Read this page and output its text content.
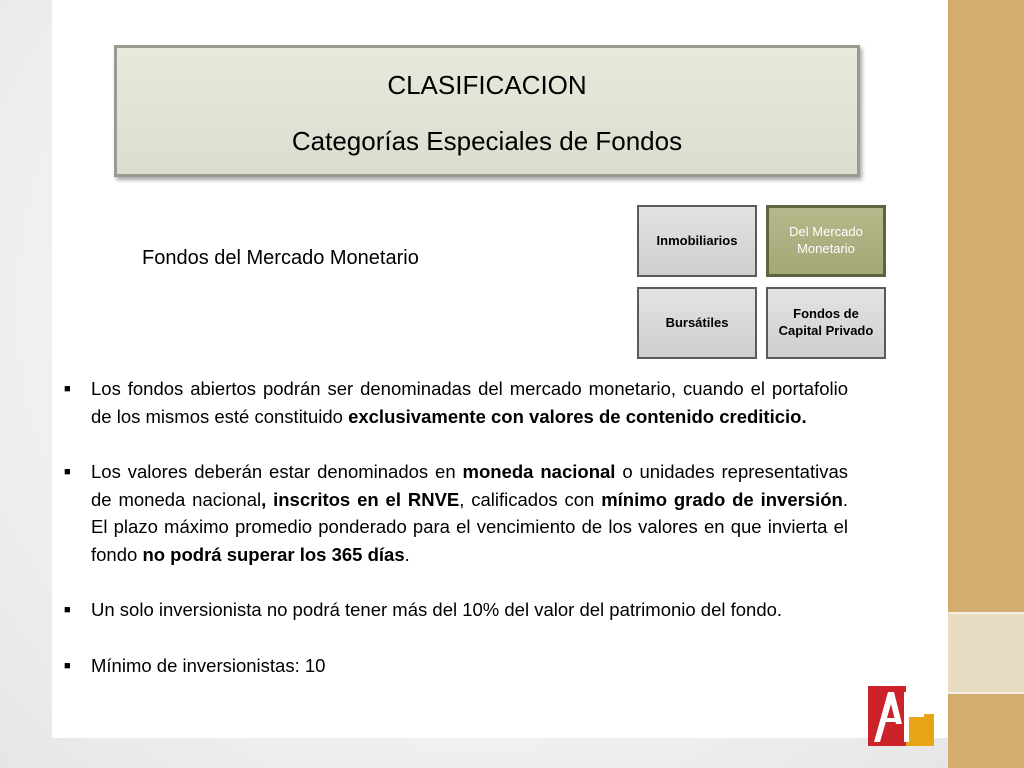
CLASIFICACION
Categorías Especiales de Fondos
Fondos del Mercado Monetario
Inmobiliarios
Del Mercado Monetario
Bursátiles
Fondos de Capital Privado
■ Los fondos abiertos podrán ser denominadas del mercado monetario, cuando el portafolio de los mismos esté constituido exclusivamente con valores de contenido crediticio.
■ Los valores deberán estar denominados en moneda nacional o unidades representativas de moneda nacional, inscritos en el RNVE, calificados con mínimo grado de inversión. El plazo máximo promedio ponderado para el vencimiento de los valores en que invierta el fondo no podrá superar los 365 días.
■ Un solo inversionista no podrá tener más del 10% del valor del patrimonio del fondo.
■ Mínimo de inversionistas: 10
